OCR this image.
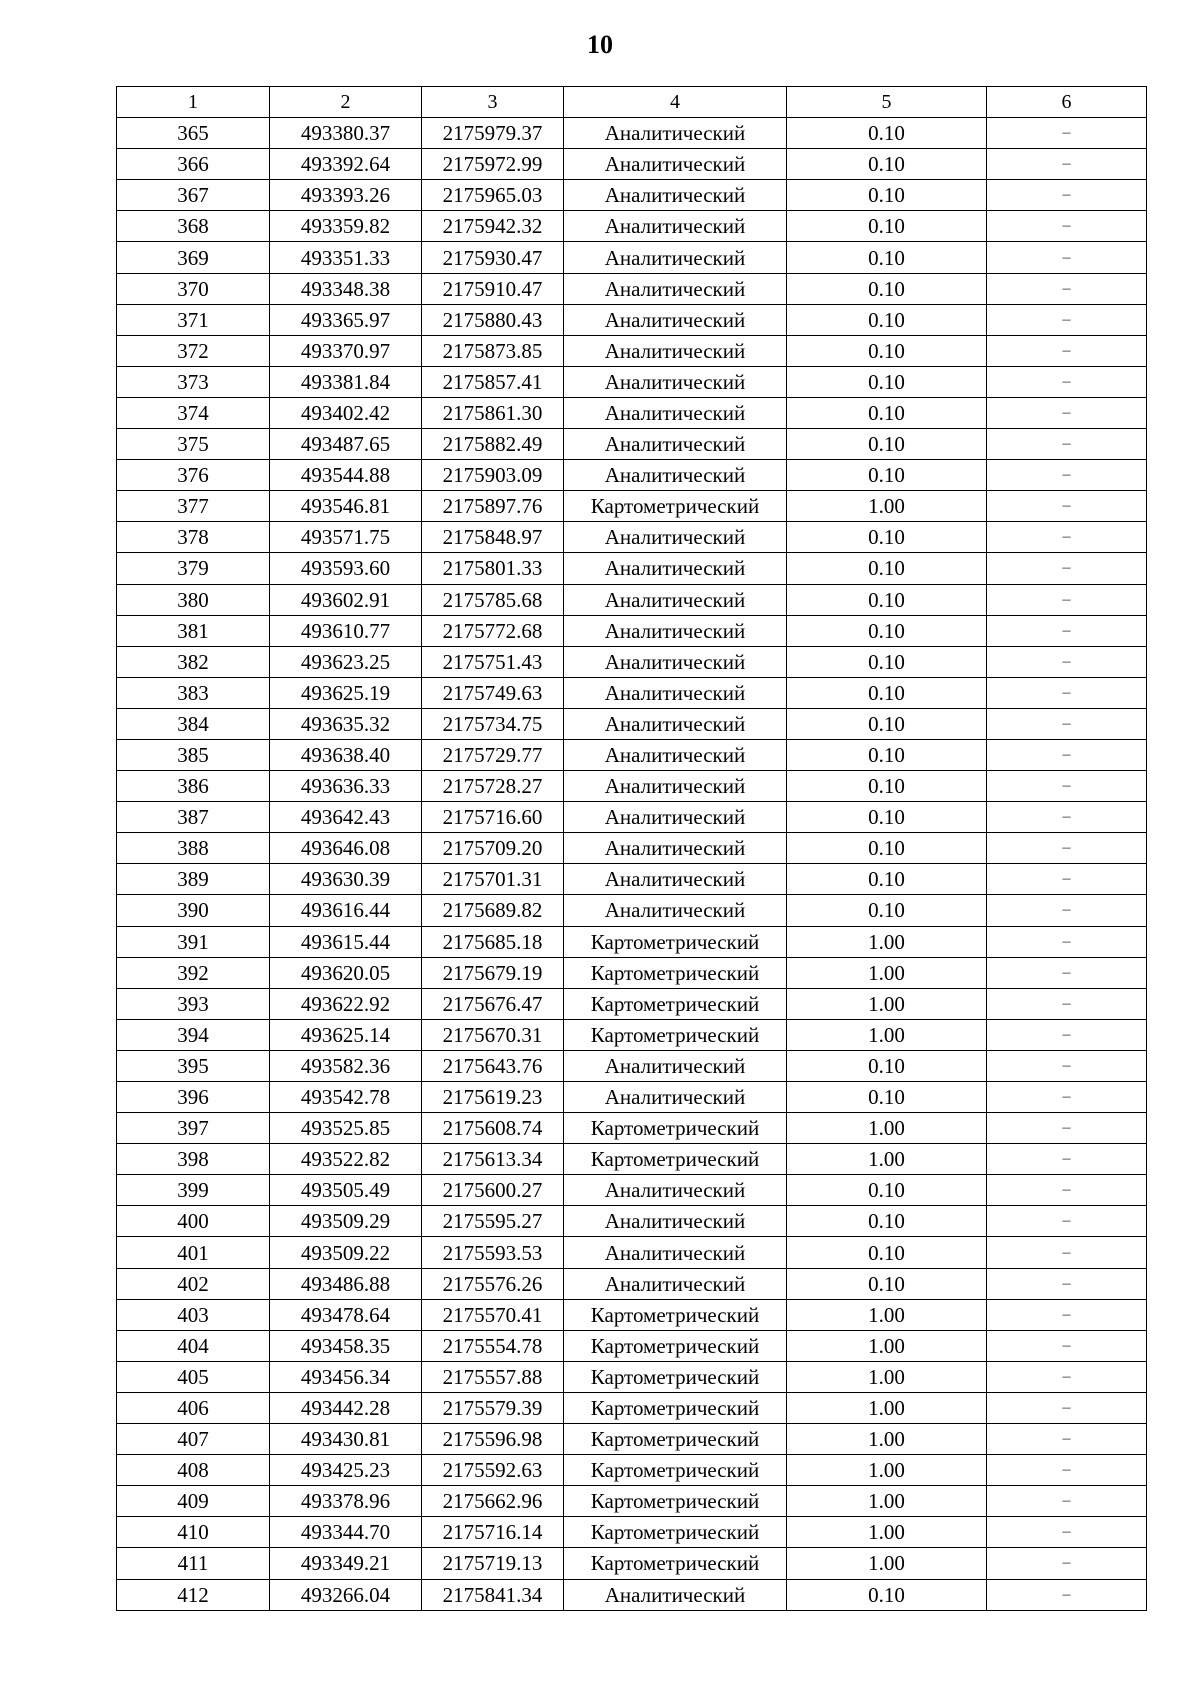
10
1	2	3	4	5	6
365	493380.37	2175979.37	Аналитический	0.10	–
366	493392.64	2175972.99	Аналитический	0.10	–
367	493393.26	2175965.03	Аналитический	0.10	–
368	493359.82	2175942.32	Аналитический	0.10	–
369	493351.33	2175930.47	Аналитический	0.10	–
370	493348.38	2175910.47	Аналитический	0.10	–
371	493365.97	2175880.43	Аналитический	0.10	–
372	493370.97	2175873.85	Аналитический	0.10	–
373	493381.84	2175857.41	Аналитический	0.10	–
374	493402.42	2175861.30	Аналитический	0.10	–
375	493487.65	2175882.49	Аналитический	0.10	–
376	493544.88	2175903.09	Аналитический	0.10	–
377	493546.81	2175897.76	Картометрический	1.00	–
378	493571.75	2175848.97	Аналитический	0.10	–
379	493593.60	2175801.33	Аналитический	0.10	–
380	493602.91	2175785.68	Аналитический	0.10	–
381	493610.77	2175772.68	Аналитический	0.10	–
382	493623.25	2175751.43	Аналитический	0.10	–
383	493625.19	2175749.63	Аналитический	0.10	–
384	493635.32	2175734.75	Аналитический	0.10	–
385	493638.40	2175729.77	Аналитический	0.10	–
386	493636.33	2175728.27	Аналитический	0.10	–
387	493642.43	2175716.60	Аналитический	0.10	–
388	493646.08	2175709.20	Аналитический	0.10	–
389	493630.39	2175701.31	Аналитический	0.10	–
390	493616.44	2175689.82	Аналитический	0.10	–
391	493615.44	2175685.18	Картометрический	1.00	–
392	493620.05	2175679.19	Картометрический	1.00	–
393	493622.92	2175676.47	Картометрический	1.00	–
394	493625.14	2175670.31	Картометрический	1.00	–
395	493582.36	2175643.76	Аналитический	0.10	–
396	493542.78	2175619.23	Аналитический	0.10	–
397	493525.85	2175608.74	Картометрический	1.00	–
398	493522.82	2175613.34	Картометрический	1.00	–
399	493505.49	2175600.27	Аналитический	0.10	–
400	493509.29	2175595.27	Аналитический	0.10	–
401	493509.22	2175593.53	Аналитический	0.10	–
402	493486.88	2175576.26	Аналитический	0.10	–
403	493478.64	2175570.41	Картометрический	1.00	–
404	493458.35	2175554.78	Картометрический	1.00	–
405	493456.34	2175557.88	Картометрический	1.00	–
406	493442.28	2175579.39	Картометрический	1.00	–
407	493430.81	2175596.98	Картометрический	1.00	–
408	493425.23	2175592.63	Картометрический	1.00	–
409	493378.96	2175662.96	Картометрический	1.00	–
410	493344.70	2175716.14	Картометрический	1.00	–
411	493349.21	2175719.13	Картометрический	1.00	–
412	493266.04	2175841.34	Аналитический	0.10	–
